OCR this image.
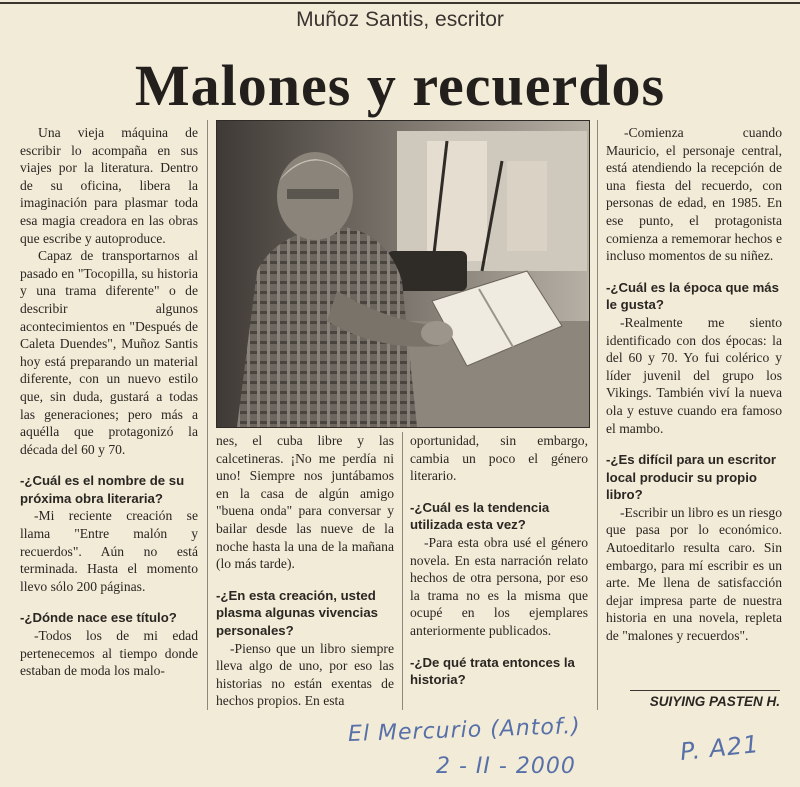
Muñoz Santis, escritor
Malones y recuerdos

Una vieja máquina de escribir lo acompaña en sus viajes por la literatura. Dentro de su oficina, libera la imaginación para plasmar toda esa magia creadora en las obras que escribe y autoproduce.

Capaz de transportarnos al pasado en "Tocopilla, su historia y una trama diferente" o de describir algunos acontecimientos en "Después de Caleta Duendes", Muñoz Santis hoy está preparando un material diferente, con un nuevo estilo que, sin duda, gustará a todas las generaciones; pero más a aquélla que protagonizó la década del 60 y 70.

-¿Cuál es el nombre de su próxima obra literaria?

-Mi reciente creación se llama "Entre malón y recuerdos". Aún no está terminada. Hasta el momento llevo sólo 200 páginas.

-¿Dónde nace ese título?

-Todos los de mi edad pertenecemos al tiempo donde estaban de moda los malo-

nes, el cuba libre y las calcetineras. ¡No me perdía ni uno! Siempre nos juntábamos en la casa de algún amigo "buena onda" para conversar y bailar desde las nueve de la noche hasta la una de la mañana (lo más tarde).

-¿En esta creación, usted plasma algunas vivencias personales?

-Pienso que un libro siempre lleva algo de uno, por eso las historias no están exentas de hechos propios. En esta

oportunidad, sin embargo, cambia un poco el género literario.

-¿Cuál es la tendencia utilizada esta vez?

-Para esta obra usé el género novela. En esta narración relato hechos de otra persona, por eso la trama no es la misma que ocupé en los ejemplares anteriormente publicados.

-¿De qué trata entonces la historia?

-Comienza cuando Mauricio, el personaje central, está atendiendo la recepción de una fiesta del recuerdo, con personas de edad, en 1985. En ese punto, el protagonista comienza a rememorar hechos e incluso momentos de su niñez.

-¿Cuál es la época que más le gusta?

-Realmente me siento identificado con dos épocas: la del 60 y 70. Yo fui colérico y líder juvenil del grupo los Vikings. También viví la nueva ola y estuve cuando era famoso el mambo.

-¿Es difícil para un escritor local producir su propio libro?

-Escribir un libro es un riesgo que pasa por lo económico. Autoeditarlo resulta caro. Sin embargo, para mí escribir es un arte. Me llena de satisfacción dejar impresa parte de nuestra historia en una novela, repleta de "malones y recuerdos".

SUIYING PASTEN H.
El Mercurio (Antof.)
2 - II - 2000
P. A21
